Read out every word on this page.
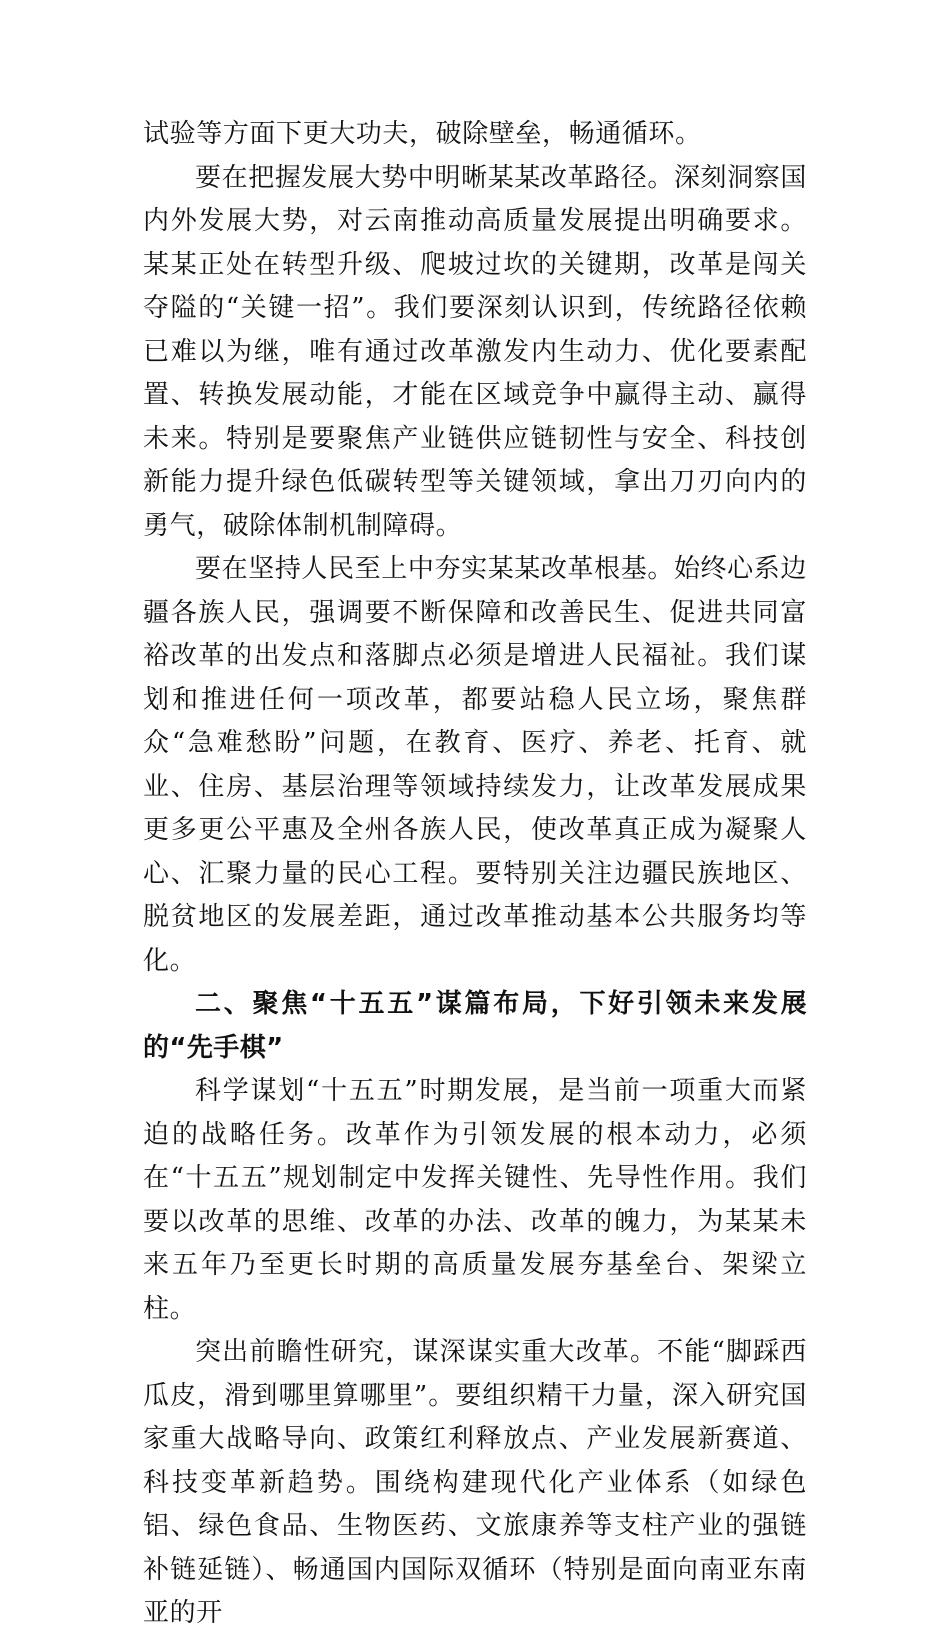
试验等方面下更大功夫，破除壁垒，畅通循环。

要在把握发展大势中明晰某某改革路径。深刻洞察国内外发展大势，对云南推动高质量发展提出明确要求。某某正处在转型升级、爬坡过坎的关键期，改革是闯关夺隘的“关键一招”。我们要深刻认识到，传统路径依赖已难以为继，唯有通过改革激发内生动力、优化要素配置、转换发展动能，才能在区域竞争中赢得主动、赢得未来。特别是要聚焦产业链供应链韧性与安全、科技创新能力提升绿色低碳转型等关键领域，拿出刀刃向内的勇气，破除体制机制障碍。

要在坚持人民至上中夯实某某改革根基。始终心系边疆各族人民，强调要不断保障和改善民生、促进共同富裕改革的出发点和落脚点必须是增进人民福祉。我们谋划和推进任何一项改革，都要站稳人民立场，聚焦群众“急难愁盼”问题，在教育、医疗、养老、托育、就业、住房、基层治理等领域持续发力，让改革发展成果更多更公平惠及全州各族人民，使改革真正成为凝聚人心、汇聚力量的民心工程。要特别关注边疆民族地区、脱贫地区的发展差距，通过改革推动基本公共服务均等化。

二、聚焦“十五五”谋篇布局，下好引领未来发展的“先手棋”

科学谋划“十五五”时期发展，是当前一项重大而紧迫的战略任务。改革作为引领发展的根本动力，必须在“十五五”规划制定中发挥关键性、先导性作用。我们要以改革的思维、改革的办法、改革的魄力，为某某未来五年乃至更长时期的高质量发展夯基垒台、架梁立柱。

突出前瞻性研究，谋深谋实重大改革。不能“脚踩西瓜皮，滑到哪里算哪里”。要组织精干力量，深入研究国家重大战略导向、政策红利释放点、产业发展新赛道、科技变革新趋势。围绕构建现代化产业体系（如绿色铝、绿色食品、生物医药、文旅康养等支柱产业的强链补链延链）、畅通国内国际双循环（特别是面向南亚东南亚的开
